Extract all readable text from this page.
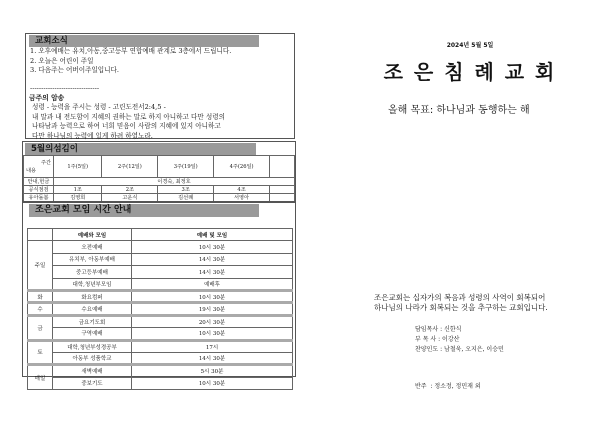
교회소식
1. 오후예배는 유치,아동,중고등부 연합예배 관계로 3층에서 드립니다.
2. 오늘은 어린이 주일
3. 다음주는 어버이주일입니다.
-------------------------------
금주의 암송
성령 - 능력을 주시는 성령 - 고린도전서2:4,5 -
내 말과 내 전도함이 지혜의 권하는 말로 하지 아니하고 다만 성령의
나타남과 능력으로 하여 너희 믿음이 사람의 지혜에 있지 아니하고
다만 하나님의 능력에 있게 하려 하였노라.
5월의섬김이
주간
내용	1주(5일)	2주(12일)	3주(19일)	4주(26일)	
안내,헌금	이경숙, 최정호				
공식점검	1조	2조	3조	4조	
유아돌봄	김영희	고운식	김선례	서영아	
조은교회 모임 시간 안내
	예배와 모임	예배 및 모임
주일	오전예배	10시 30분
	유치부, 아동부예배	14시 30분
	중고등부예배	14시 30분
	대학,청년부모임	예배후
화	화요컴퍼	10시 30분
수	수요예배	19시 30분
금	금요기도회	20시 30분
	구역예배	10시 30분
토	대학,청년부성경공부	17시
	아동부 성품학교	14시 30분
매일	새벽예배	5시 30분
	중보기도	10시 30분
2024년 5월 5일
조 은 침 례 교 회
올해 목표: 하나님과 동행하는 해
조은교회는 십자가의 복음과 성령의 사역이 회복되어
하나님의 나라가 회복되는 것을 추구하는 교회입니다.
담임목사 : 신한식
부 목 사 : 이강산
찬양인도 : 남철욱, 오지은, 이승민
반주  : 정소정, 정민재 외
